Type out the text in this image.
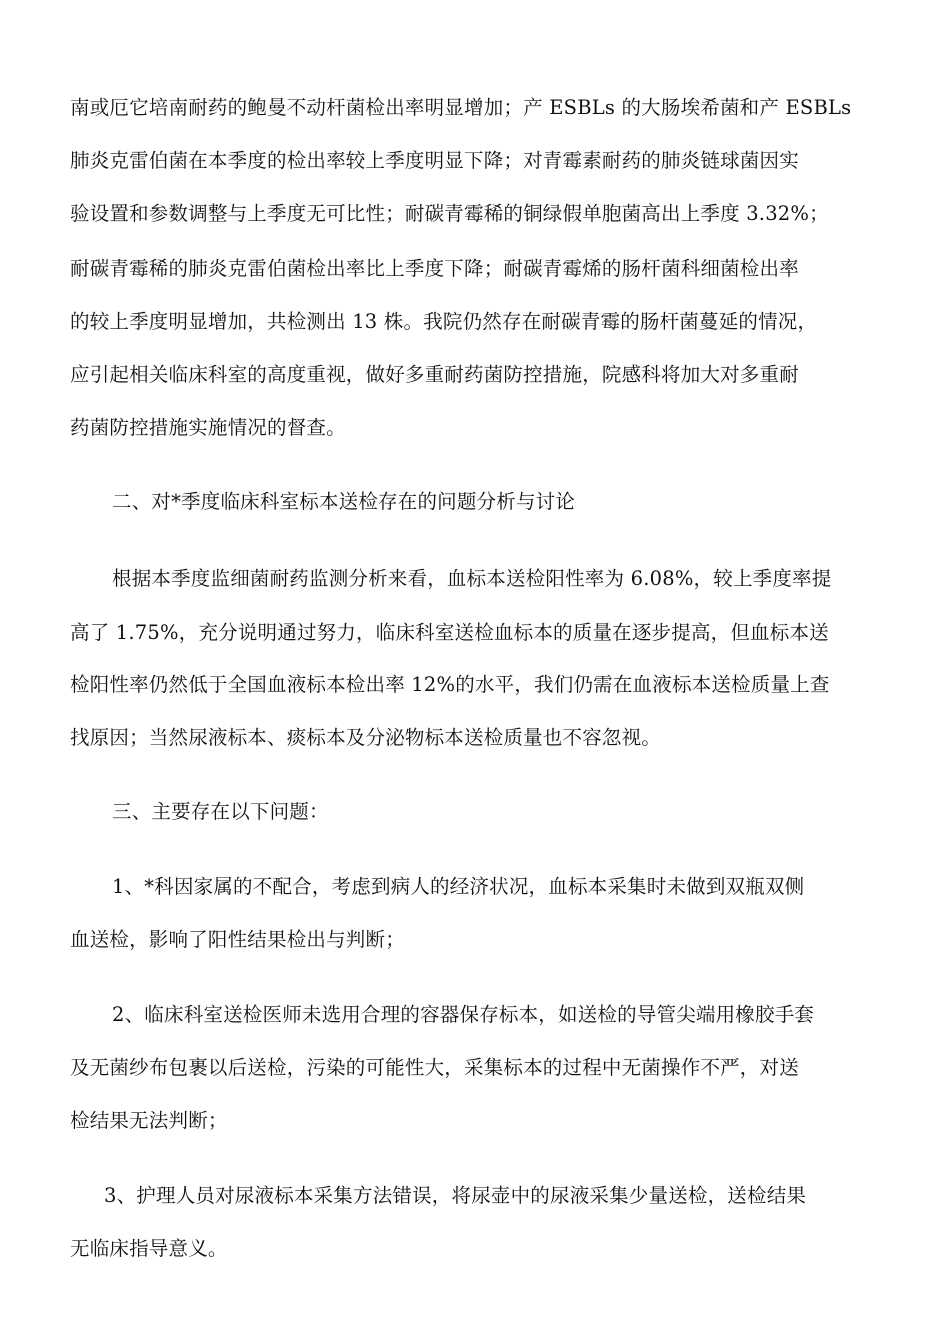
南或厄它培南耐药的鲍曼不动杆菌检出率明显增加；产 ESBLs 的大肠埃希菌和产 ESBLs
肺炎克雷伯菌在本季度的检出率较上季度明显下降；对青霉素耐药的肺炎链球菌因实
验设置和参数调整与上季度无可比性；耐碳青霉稀的铜绿假单胞菌高出上季度 3.32%；
耐碳青霉稀的肺炎克雷伯菌检出率比上季度下降；耐碳青霉烯的肠杆菌科细菌检出率
的较上季度明显增加，共检测出 13 株。我院仍然存在耐碳青霉的肠杆菌蔓延的情况，
应引起相关临床科室的高度重视，做好多重耐药菌防控措施，院感科将加大对多重耐
药菌防控措施实施情况的督查。
二、对*季度临床科室标本送检存在的问题分析与讨论
根据本季度监细菌耐药监测分析来看，血标本送检阳性率为 6.08%，较上季度率提
高了 1.75%，充分说明通过努力，临床科室送检血标本的质量在逐步提高，但血标本送
检阳性率仍然低于全国血液标本检出率 12%的水平，我们仍需在血液标本送检质量上查
找原因；当然尿液标本、痰标本及分泌物标本送检质量也不容忽视。
三、主要存在以下问题：
1、*科因家属的不配合，考虑到病人的经济状况，血标本采集时未做到双瓶双侧
血送检，影响了阳性结果检出与判断；
2、临床科室送检医师未选用合理的容器保存标本，如送检的导管尖端用橡胶手套
及无菌纱布包裹以后送检，污染的可能性大，采集标本的过程中无菌操作不严，对送
检结果无法判断；
3、护理人员对尿液标本采集方法错误，将尿壶中的尿液采集少量送检，送检结果
无临床指导意义。
